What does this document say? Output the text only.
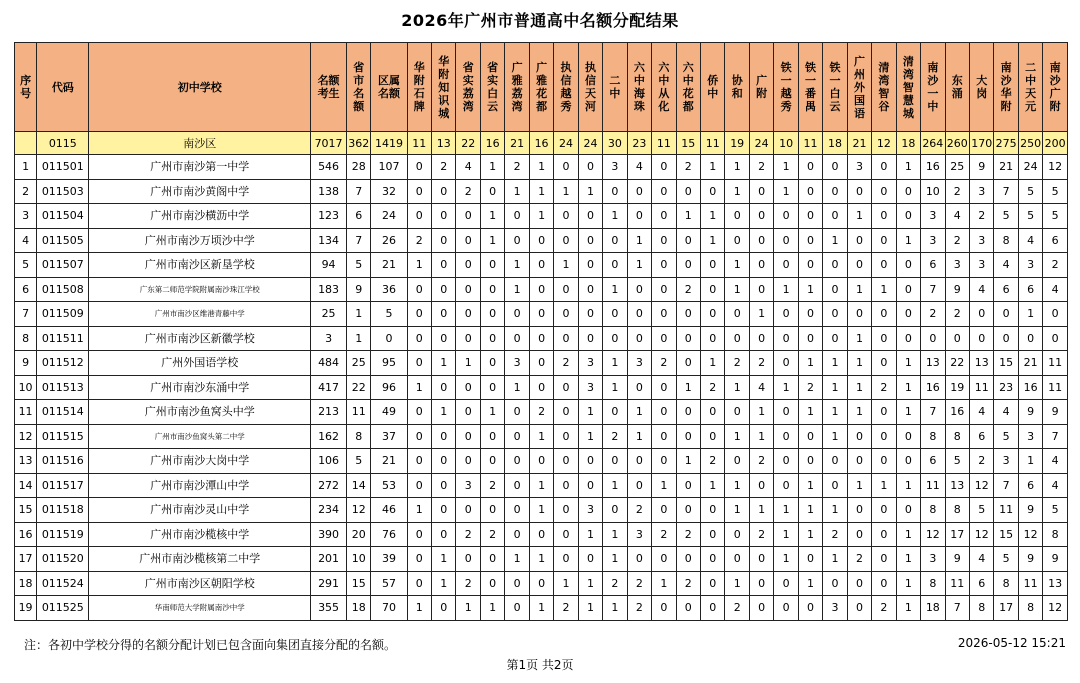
2026年广州市普通高中名额分配结果
序号	代码	初中学校	名额考生	省市名额	区属名额	华附石牌	华附知识城	省实荔湾	省实白云	广雅荔湾	广雅花都	执信越秀	执信天河	二中	六中海珠	六中从化	六中花都	侨中	协和	广附	铁一越秀	铁一番禺	铁一白云	广州外国语	清湾智谷	清湾智慧城	南沙一中	东涌	大岗	南沙华附	二中天元	南沙广附
	0115	南沙区	7017	362	1419	11	13	22	16	21	16	24	24	30	23	11	15	11	19	24	10	11	18	21	12	18	264	260	170	275	250	200
1	011501	广州市南沙第一中学	546	28	107	0	2	4	1	2	1	0	0	3	4	0	2	1	1	2	1	0	0	3	0	1	16	25	9	21	24	12
2	011503	广州市南沙黄阁中学	138	7	32	0	0	2	0	1	1	1	1	0	0	0	0	0	1	0	1	0	0	0	0	0	10	2	3	7	5	5
3	011504	广州市南沙横沥中学	123	6	24	0	0	0	1	0	1	0	0	1	0	0	1	1	0	0	0	0	0	1	0	0	3	4	2	5	5	5
4	011505	广州市南沙万顷沙中学	134	7	26	2	0	0	1	0	0	0	0	0	1	0	0	1	0	0	0	0	1	0	0	1	3	2	3	8	4	6
5	011507	广州市南沙区新垦学校	94	5	21	1	0	0	0	1	0	1	0	0	1	0	0	0	1	0	0	0	0	0	0	0	6	3	3	4	3	2
6	011508	广东第二师范学院附属南沙珠江学校	183	9	36	0	0	0	0	1	0	0	0	1	0	0	2	0	1	0	1	1	0	1	1	0	7	9	4	6	6	4
7	011509	广州市南沙区维港青藤中学	25	1	5	0	0	0	0	0	0	0	0	0	0	0	0	0	0	1	0	0	0	0	0	0	2	2	0	0	1	0
8	011511	广州市南沙区新徽学校	3	1	0	0	0	0	0	0	0	0	0	0	0	0	0	0	0	0	0	0	0	1	0	0	0	0	0	0	0	0
9	011512	广州外国语学校	484	25	95	0	1	1	0	3	0	2	3	1	3	2	0	1	2	2	0	1	1	1	0	1	13	22	13	15	21	11
10	011513	广州市南沙东涌中学	417	22	96	1	0	0	0	1	0	0	3	1	0	0	1	2	1	4	1	2	1	1	2	1	16	19	11	23	16	11
11	011514	广州市南沙鱼窝头中学	213	11	49	0	1	0	1	0	2	0	1	0	1	0	0	0	0	1	0	1	1	1	0	1	7	16	4	4	9	9
12	011515	广州市南沙鱼窝头第二中学	162	8	37	0	0	0	0	0	1	0	1	2	1	0	0	0	1	1	0	0	1	0	0	0	8	8	6	5	3	7
13	011516	广州市南沙大岗中学	106	5	21	0	0	0	0	0	0	0	0	0	0	0	1	2	0	2	0	0	0	0	0	0	6	5	2	3	1	4
14	011517	广州市南沙潭山中学	272	14	53	0	0	3	2	0	1	0	0	1	0	1	0	1	1	0	0	1	0	1	1	1	11	13	12	7	6	4
15	011518	广州市南沙灵山中学	234	12	46	1	0	0	0	0	1	0	3	0	2	0	0	0	1	1	1	1	1	0	0	0	8	8	5	11	9	5
16	011519	广州市南沙榄核中学	390	20	76	0	0	2	2	0	0	0	1	1	3	2	2	0	0	2	1	1	2	0	0	1	12	17	12	15	12	8
17	011520	广州市南沙榄核第二中学	201	10	39	0	1	0	0	1	1	0	0	1	0	0	0	0	0	0	1	0	1	2	0	1	3	9	4	5	9	9
18	011524	广州市南沙区朝阳学校	291	15	57	0	1	2	0	0	0	1	1	2	2	1	2	0	1	0	0	1	0	0	0	1	8	11	6	8	11	13
19	011525	华南师范大学附属南沙中学	355	18	70	1	0	1	1	0	1	2	1	1	2	0	0	0	2	0	0	0	3	0	2	1	18	7	8	17	8	12
注：各初中学校分得的名额分配计划已包含面向集团直接分配的名额。	2026-05-12 15:21
第1页 共2页
